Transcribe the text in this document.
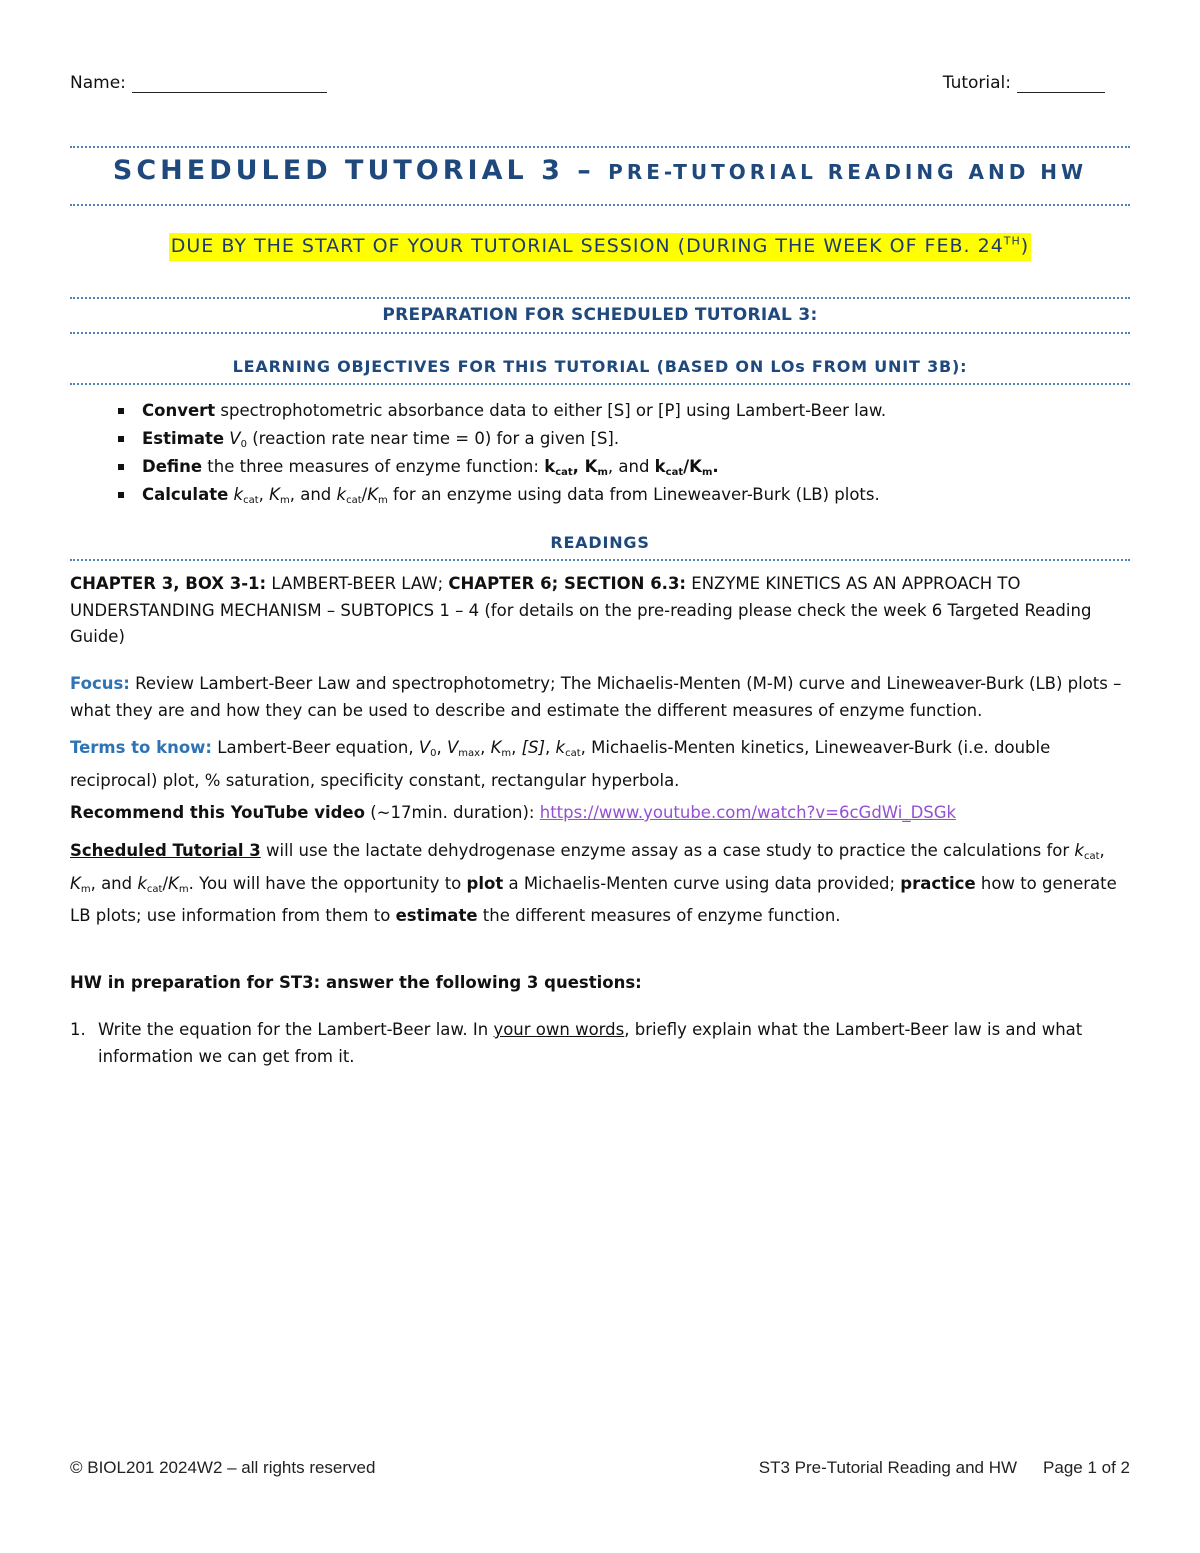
Name:	Tutorial:
SCHEDULED TUTORIAL 3 – PRE-TUTORIAL READING AND HW
DUE BY THE START OF YOUR TUTORIAL SESSION (DURING THE WEEK OF FEB. 24TH)
PREPARATION FOR SCHEDULED TUTORIAL 3:
LEARNING OBJECTIVES FOR THIS TUTORIAL (BASED ON LOs FROM UNIT 3B):
Convert spectrophotometric absorbance data to either [S] or [P] using Lambert-Beer law.
Estimate $V_0$ (reaction rate near time = 0) for a given [S].
Define the three measures of enzyme function: $k_{cat}$, $K_m$, and $k_{cat}/K_m$.
Calculate $k_{cat}$, $K_m$, and $k_{cat}/K_m$ for an enzyme using data from Lineweaver-Burk (LB) plots.
READINGS
CHAPTER 3, BOX 3-1: LAMBERT-BEER LAW; CHAPTER 6; SECTION 6.3: ENZYME KINETICS AS AN APPROACH TO UNDERSTANDING MECHANISM – SUBTOPICS 1 – 4 (for details on the pre-reading please check the week 6 Targeted Reading Guide)
Focus: Review Lambert-Beer Law and spectrophotometry; The Michaelis-Menten (M-M) curve and Lineweaver-Burk (LB) plots – what they are and how they can be used to describe and estimate the different measures of enzyme function.
Terms to know: Lambert-Beer equation, $V_0$, $V_{max}$, $K_m$, [S], $k_{cat}$, Michaelis-Menten kinetics, Lineweaver-Burk (i.e. double reciprocal) plot, % saturation, specificity constant, rectangular hyperbola.
Recommend this YouTube video (~17min. duration): https://www.youtube.com/watch?v=6cGdWi_DSGk
Scheduled Tutorial 3 will use the lactate dehydrogenase enzyme assay as a case study to practice the calculations for $k_{cat}$, $K_m$, and $k_{cat}/K_m$. You will have the opportunity to plot a Michaelis-Menten curve using data provided; practice how to generate LB plots; use information from them to estimate the different measures of enzyme function.
HW in preparation for ST3: answer the following 3 questions:
1. Write the equation for the Lambert-Beer law. In your own words, briefly explain what the Lambert-Beer law is and what information we can get from it.
© BIOL201 2024W2 – all rights reserved	ST3 Pre-Tutorial Reading and HW Page 1 of 2
